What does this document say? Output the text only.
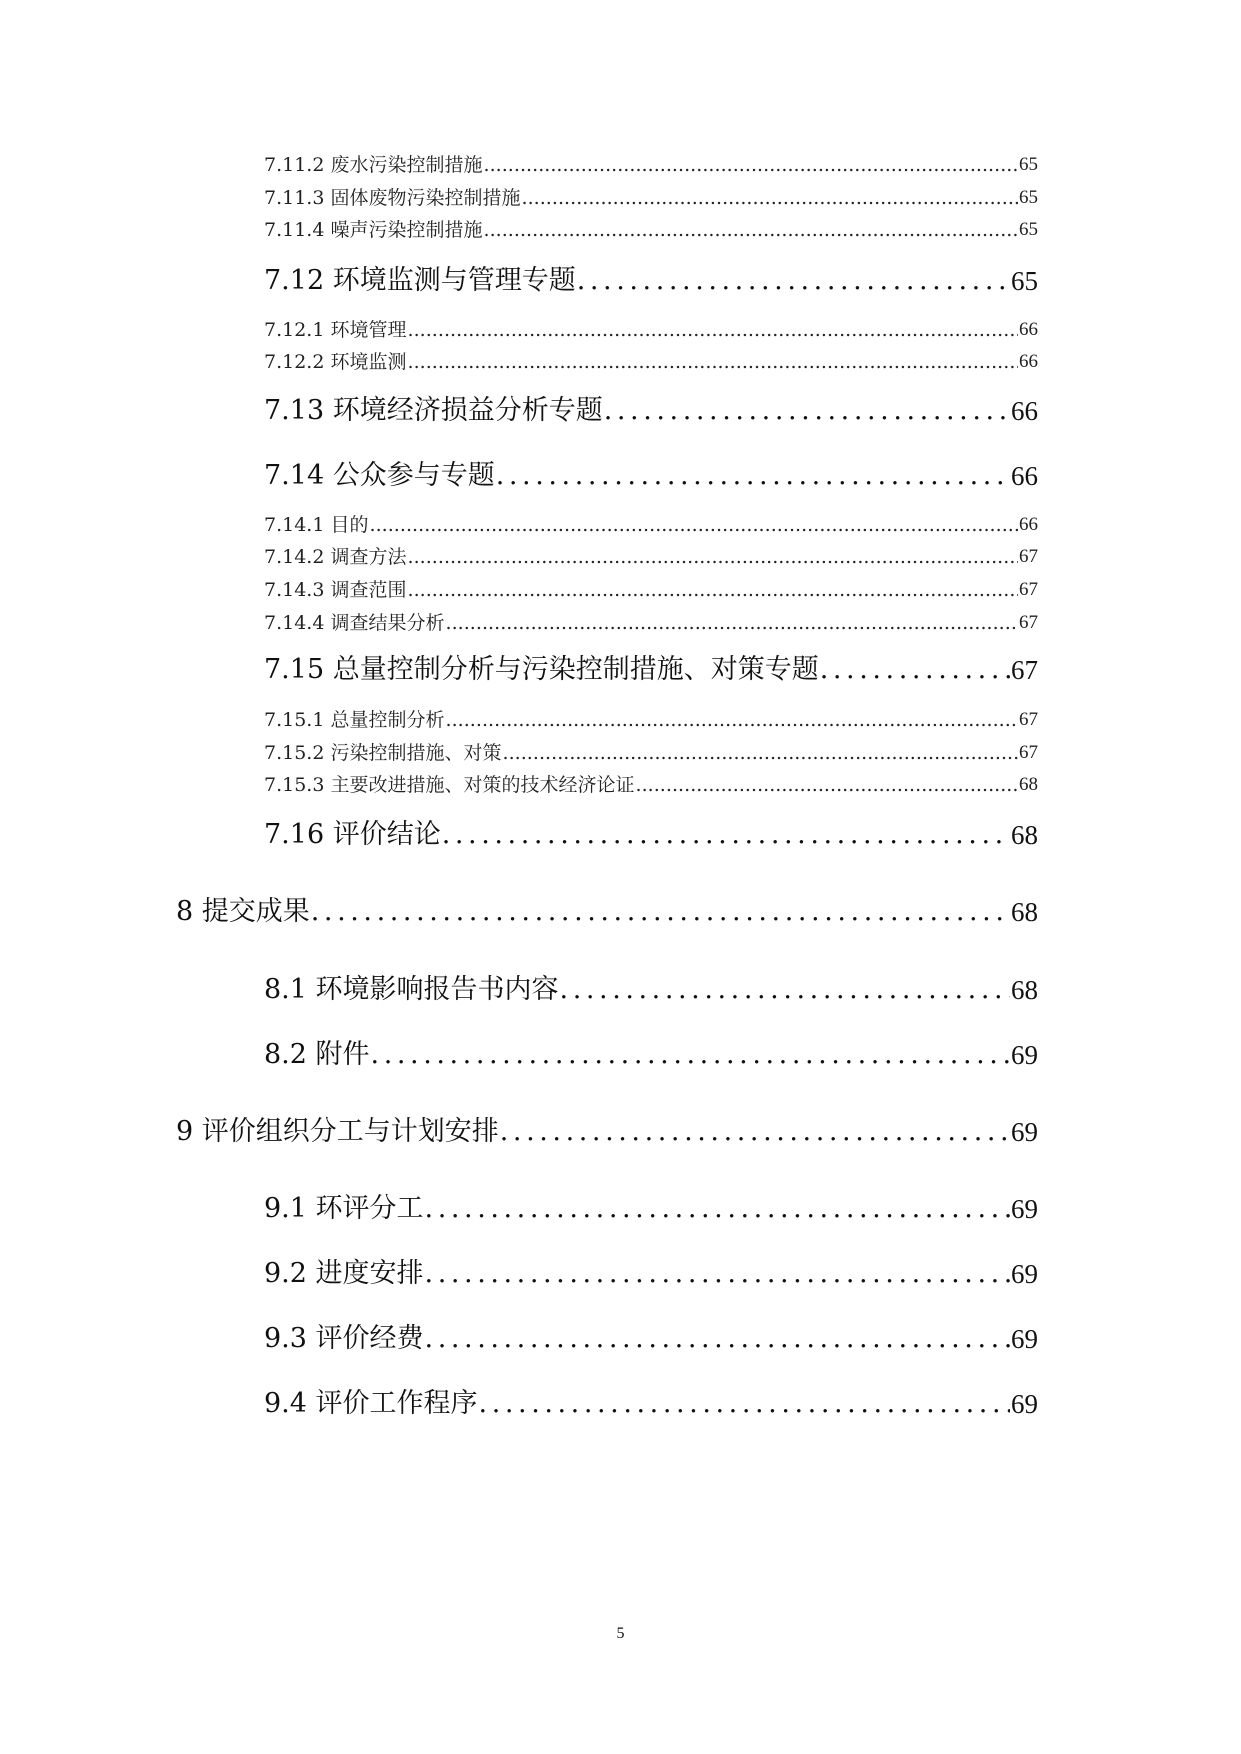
7.11.2 废水污染控制措施 . . .	65
7.11.3 固体废物污染控制措施 . . .	65
7.11.4 噪声污染控制措施 . . .	65
7.12 环境监测与管理专题 . . .	65
7.12.1 环境管理 . . .	66
7.12.2 环境监测 . . .	66
7.13 环境经济损益分析专题 . . .	66
7.14 公众参与专题 . . .	66
7.14.1 目的 . . .	66
7.14.2 调查方法 . . .	67
7.14.3 调查范围 . . .	67
7.14.4 调查结果分析 . . .	67
7.15 总量控制分析与污染控制措施、对策专题 . . .	67
7.15.1 总量控制分析 . . .	67
7.15.2 污染控制措施、对策 . . .	67
7.15.3 主要改进措施、对策的技术经济论证 . . .	68
7.16 评价结论 . . .	68
8 提交成果 . . .	68
8.1 环境影响报告书内容 . . .	68
8.2 附件 . . .	69
9 评价组织分工与计划安排 . . .	69
9.1 环评分工 . . .	69
9.2 进度安排 . . .	69
9.3 评价经费 . . .	69
9.4 评价工作程序 . . .	69
5
